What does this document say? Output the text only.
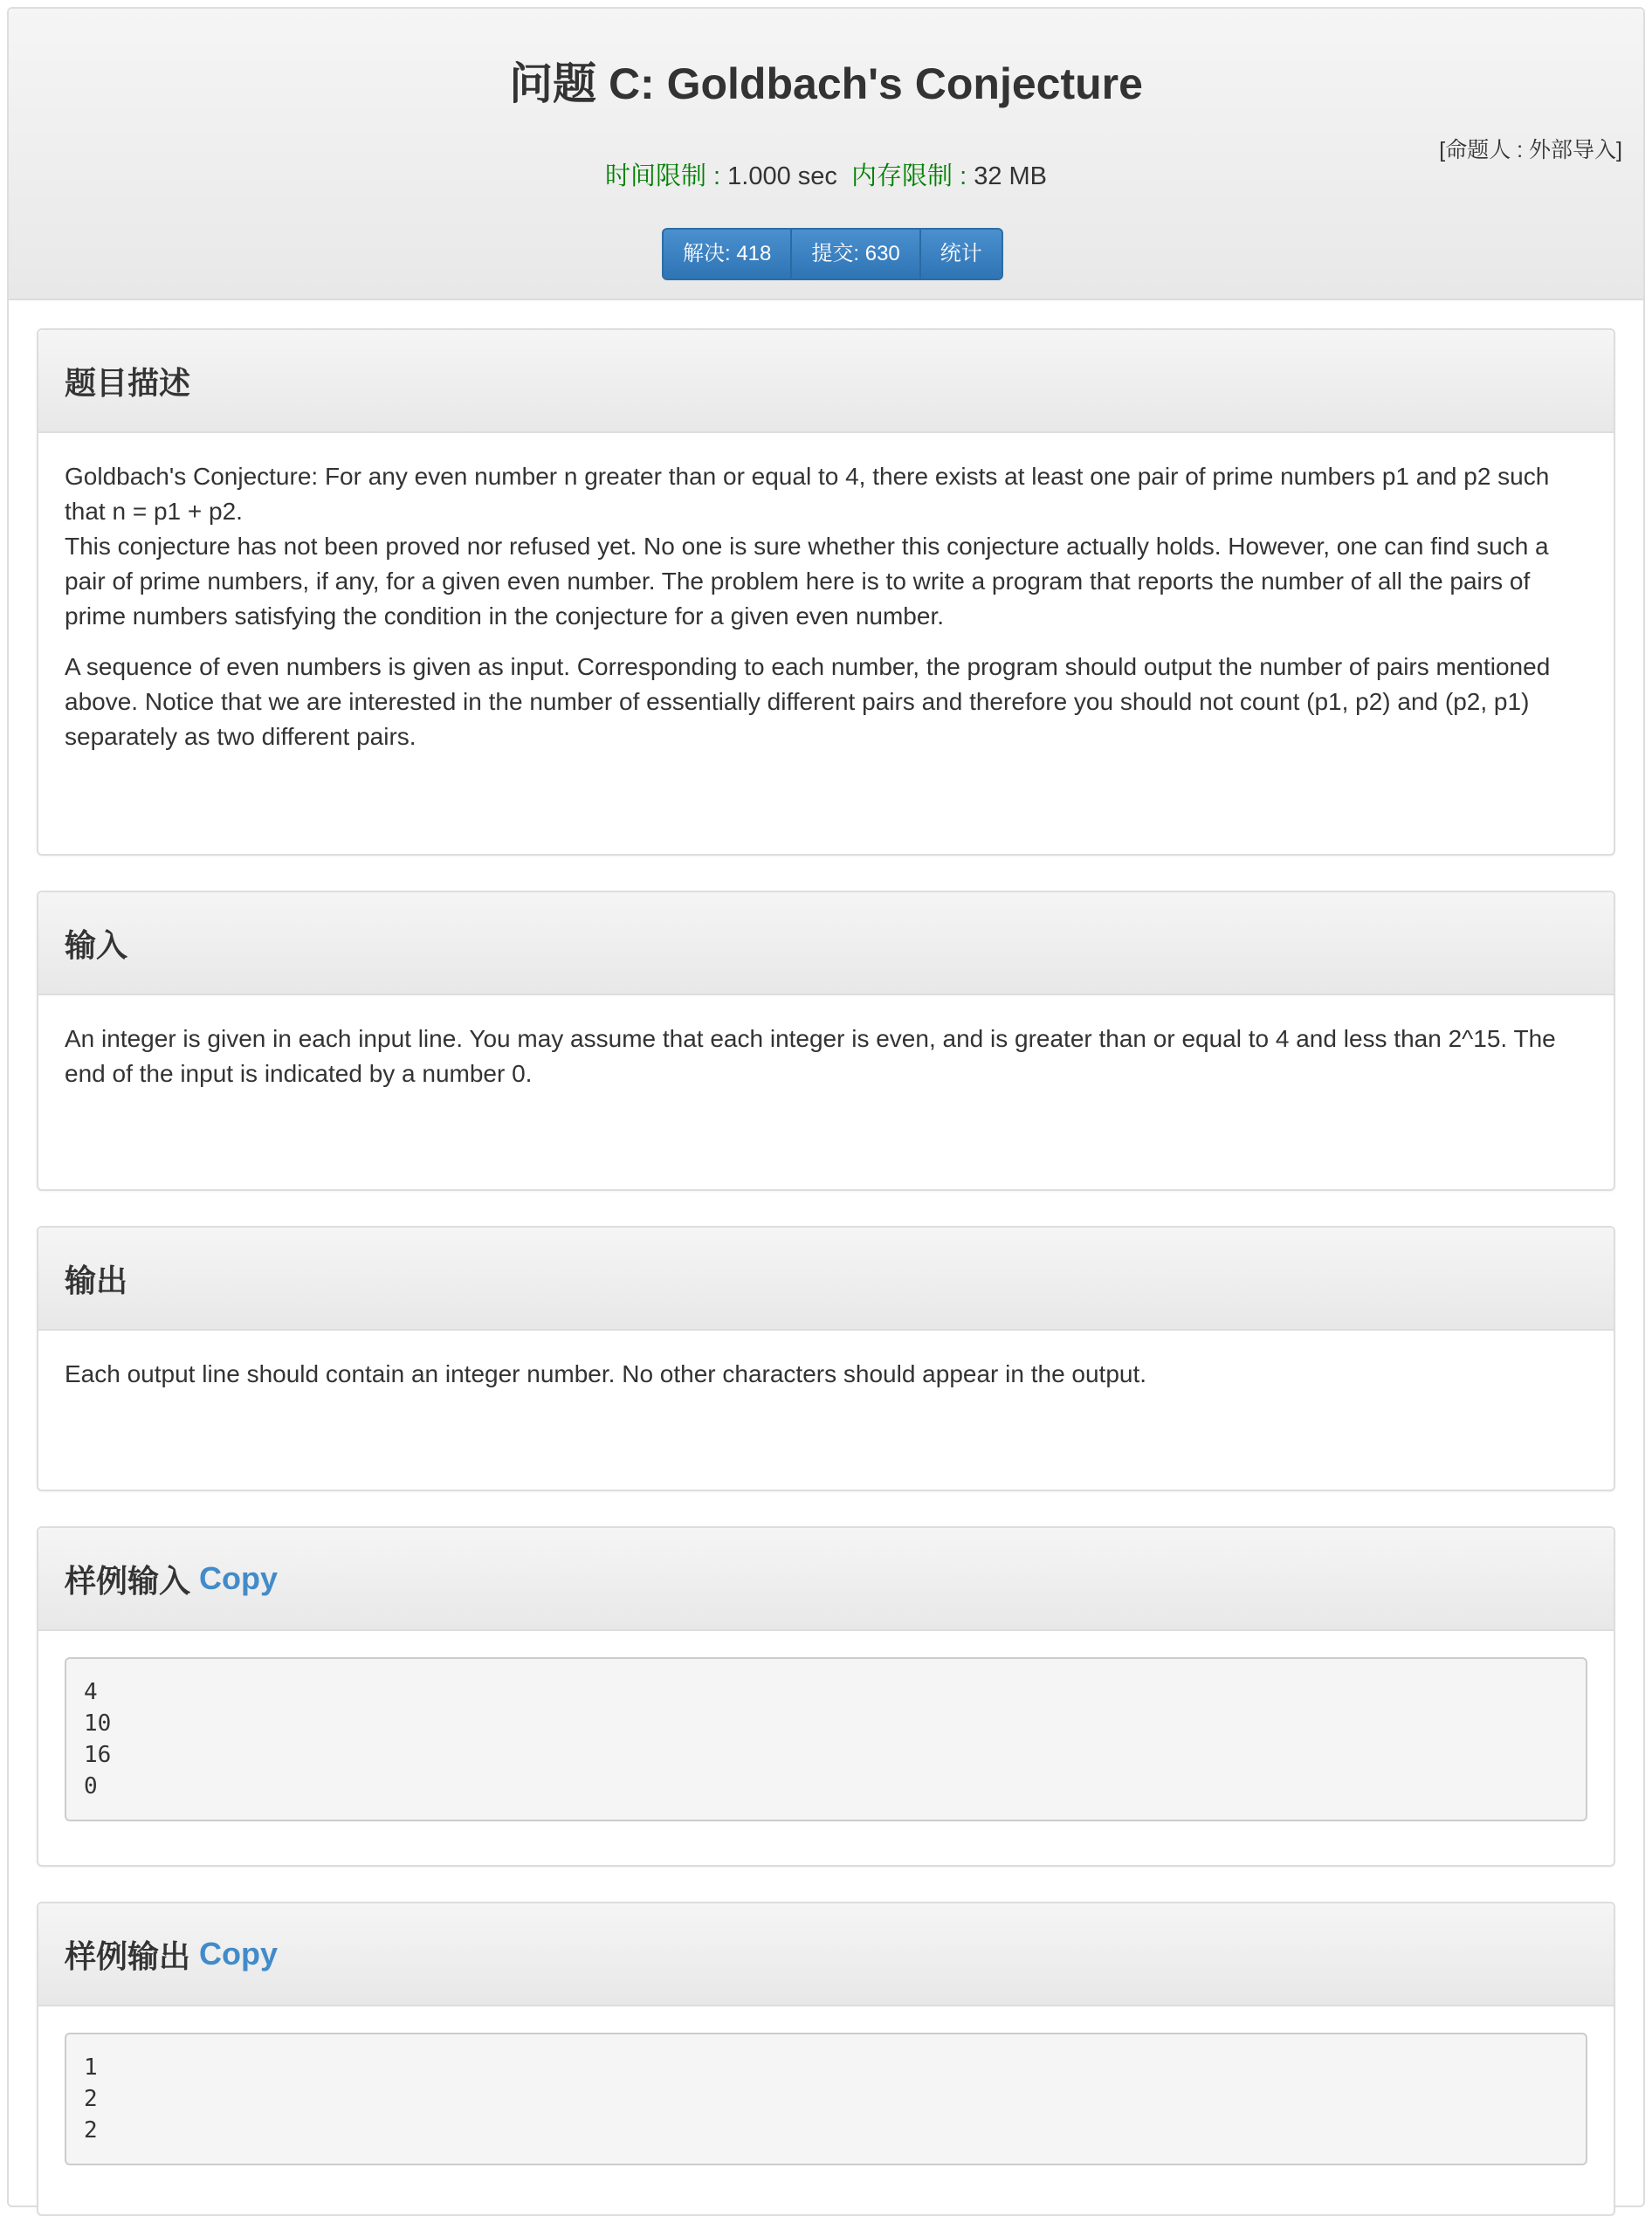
问题 C: Goldbach's Conjecture
[命题人 : 外部导入]
时间限制 : 1.000 sec 内存限制 : 32 MB
解决: 418	提交: 630	统计
题目描述

Goldbach's Conjecture: For any even number n greater than or equal to 4, there exists at least one pair of prime numbers p1 and p2 such that n = p1 + p2.
This conjecture has not been proved nor refused yet. No one is sure whether this conjecture actually holds. However, one can find such a pair of prime numbers, if any, for a given even number. The problem here is to write a program that reports the number of all the pairs of prime numbers satisfying the condition in the conjecture for a given even number.

A sequence of even numbers is given as input. Corresponding to each number, the program should output the number of pairs mentioned above. Notice that we are interested in the number of essentially different pairs and therefore you should not count (p1, p2) and (p2, p1) separately as two different pairs.

输入

An integer is given in each input line. You may assume that each integer is even, and is greater than or equal to 4 and less than 2^15. The end of the input is indicated by a number 0.

输出

Each output line should contain an integer number. No other characters should appear in the output.

样例输入 Copy
4
10
16
0
样例输出 Copy
1
2
2
